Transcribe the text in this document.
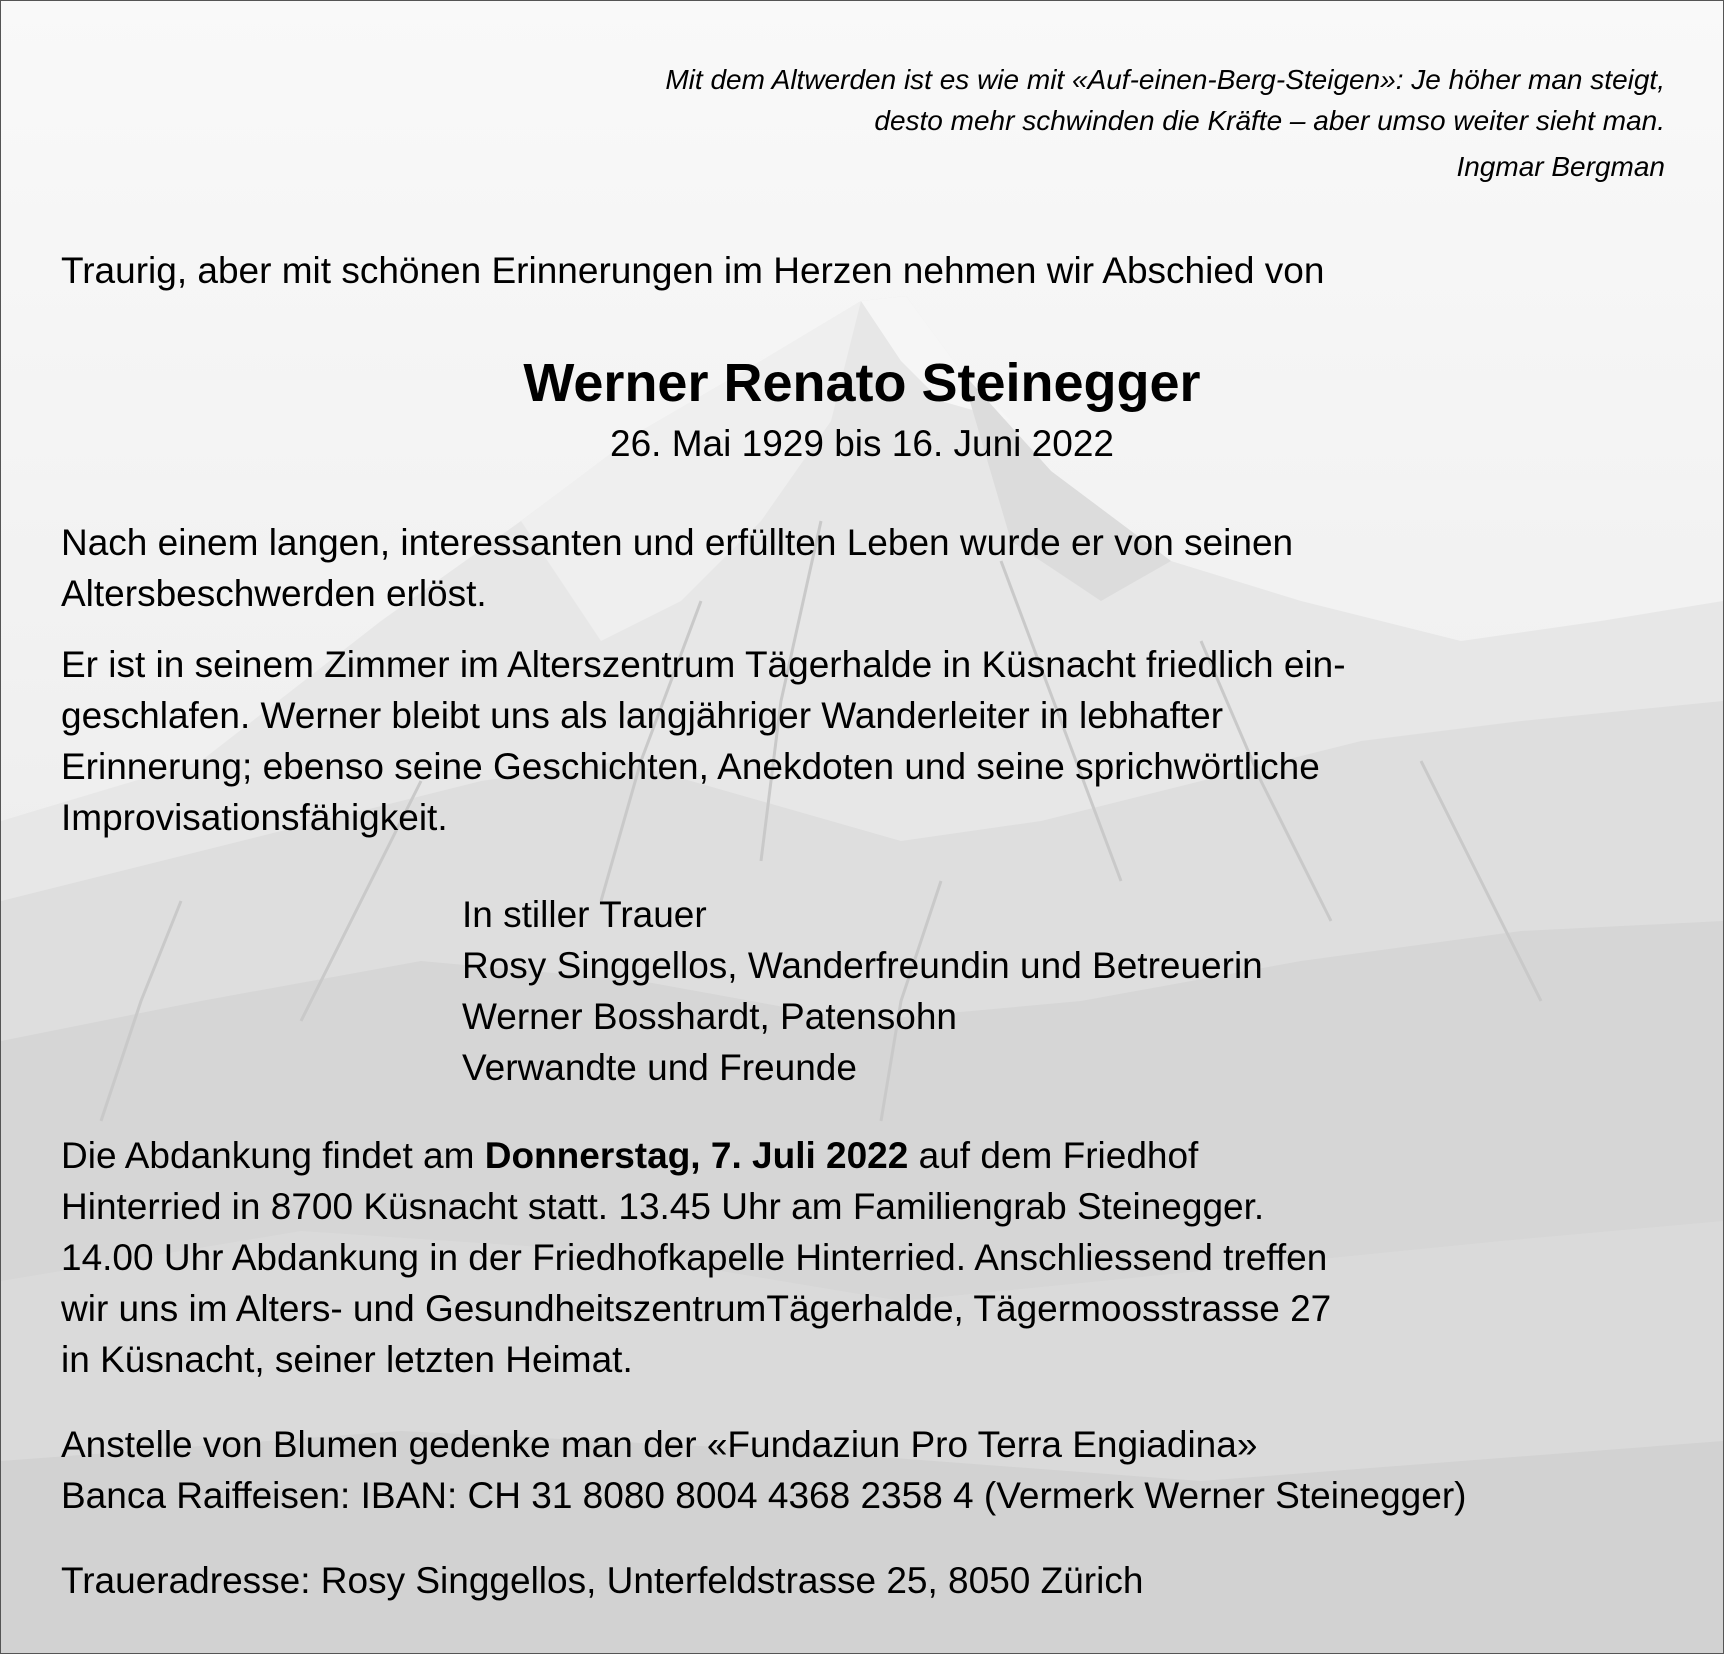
Mit dem Altwerden ist es wie mit «Auf-einen-Berg-Steigen»: Je höher man steigt,
desto mehr schwinden die Kräfte – aber umso weiter sieht man.
Ingmar Bergman
Traurig, aber mit schönen Erinnerungen im Herzen nehmen wir Abschied von
Werner Renato Steinegger
26. Mai 1929 bis 16. Juni 2022
Nach einem langen, interessanten und erfüllten Leben wurde er von seinen
Altersbeschwerden erlöst.
Er ist in seinem Zimmer im Alterszentrum Tägerhalde in Küsnacht friedlich ein-
geschlafen. Werner bleibt uns als langjähriger Wanderleiter in lebhafter
Erinnerung; ebenso seine Geschichten, Anekdoten und seine sprichwörtliche
Improvisationsfähigkeit.
In stiller Trauer
Rosy Singgellos, Wanderfreundin und Betreuerin
Werner Bosshardt, Patensohn
Verwandte und Freunde
Die Abdankung findet am Donnerstag, 7. Juli 2022 auf dem Friedhof
Hinterried in 8700 Küsnacht statt. 13.45 Uhr am Familiengrab Steinegger.
14.00 Uhr Abdankung in der Friedhofkapelle Hinterried. Anschliessend treffen
wir uns im Alters- und GesundheitszentrumTägerhalde, Tägermoosstrasse 27
in Küsnacht, seiner letzten Heimat.
Anstelle von Blumen gedenke man der «Fundaziun Pro Terra Engiadina»
Banca Raiffeisen: IBAN: CH 31 8080 8004 4368 2358 4 (Vermerk Werner Steinegger)
Traueradresse: Rosy Singgellos, Unterfeldstrasse 25, 8050 Zürich
